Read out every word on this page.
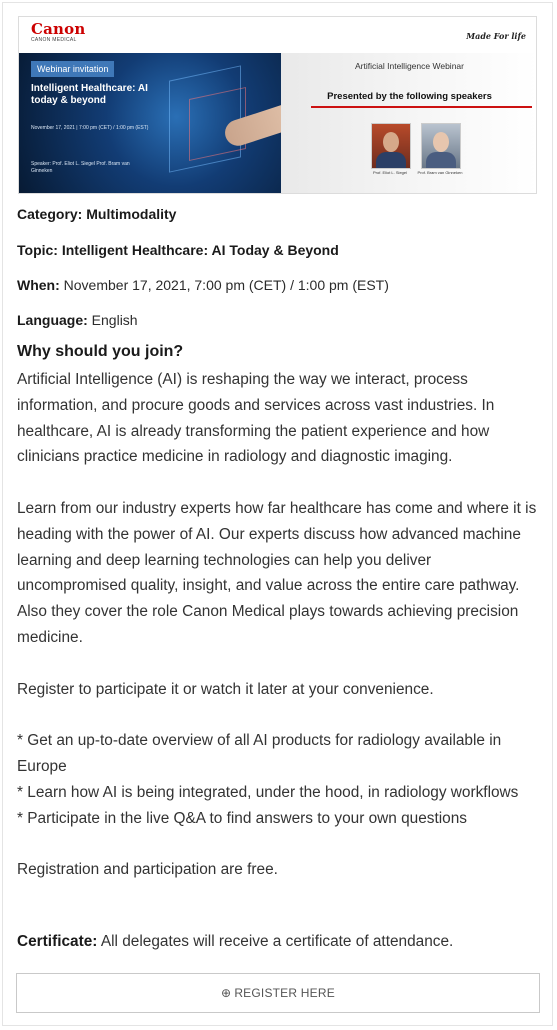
Canon
CANON MEDICAL	Made For life
Webinar invitation
Intelligent Healthcare: AI today & beyond
November 17, 2021 | 7:00 pm (CET) / 1:00 pm (EST)
Speaker: Prof. Eliot L. Siegel Prof. Bram van Ginneken
Artificial Intelligence Webinar
Presented by the following speakers
Prof. Eliot L. Siegel	Prof. Bram van Ginneken
Category: Multimodality
Topic: Intelligent Healthcare: AI Today & Beyond
When: November 17, 2021, 7:00 pm (CET) / 1:00 pm (EST)
Language: English
Why should you join?

Artificial Intelligence (AI) is reshaping the way we interact, process information, and procure goods and services across vast industries. In healthcare, AI is already transforming the patient experience and how clinicians practice medicine in radiology and diagnostic imaging.

Learn from our industry experts how far healthcare has come and where it is heading with the power of AI. Our experts discuss how advanced machine learning and deep learning technologies can help you deliver uncompromised quality, insight, and value across the entire care pathway. Also they cover the role Canon Medical plays towards achieving precision medicine.

Register to participate it or watch it later at your convenience.

* Get an up-to-date overview of all AI products for radiology available in Europe

* Learn how AI is being integrated, under the hood, in radiology workflows

* Participate in the live Q&A to find answers to your own questions

Registration and participation are free.

Certificate: All delegates will receive a certificate of attendance.
⊕ REGISTER HERE
